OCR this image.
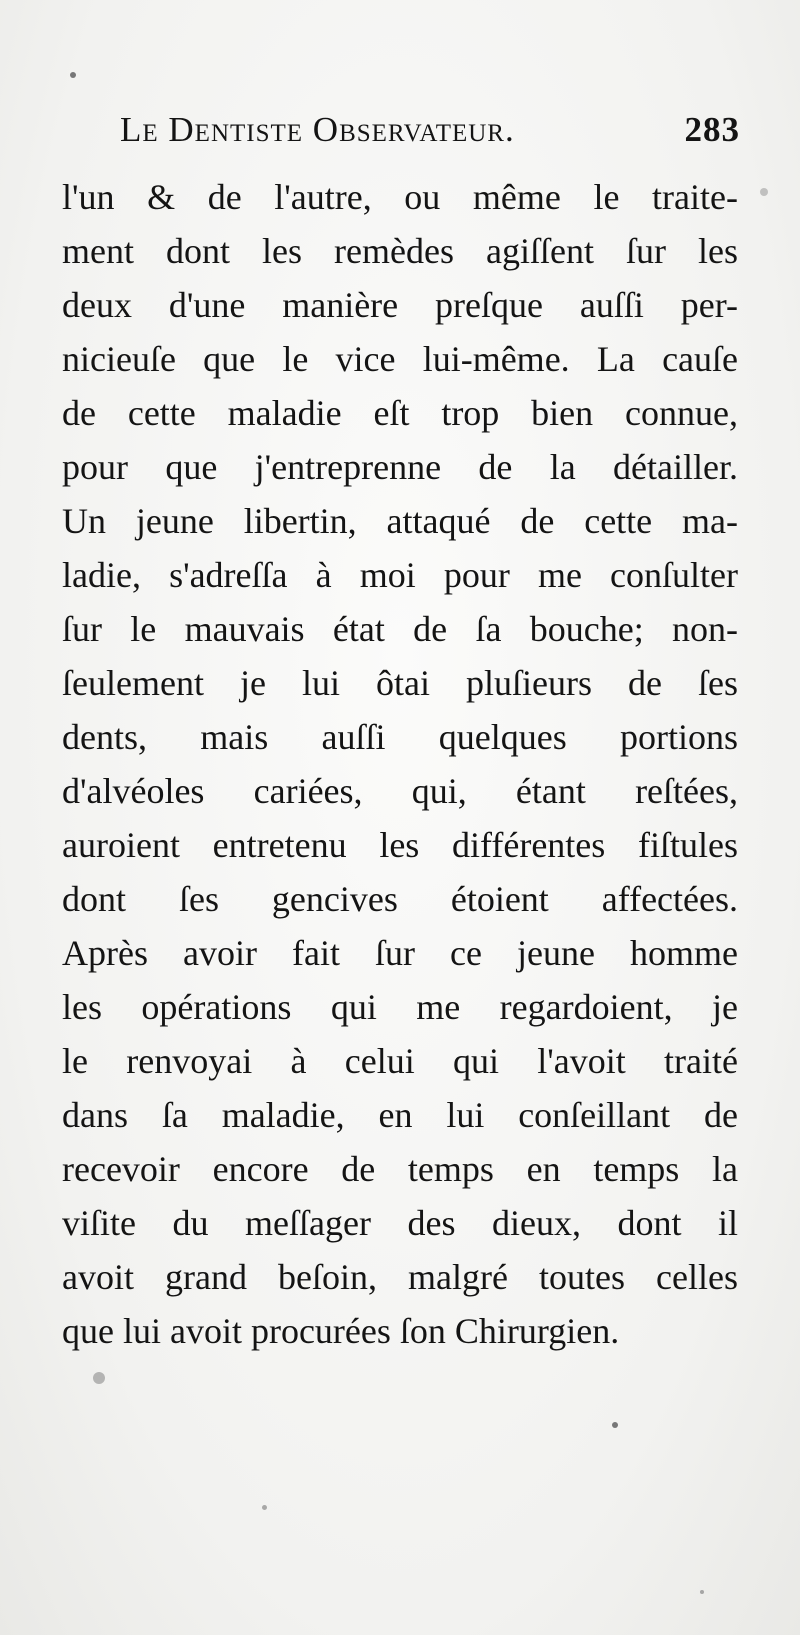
Le Dentiste Observateur.	283
l'un & de l'autre, ou même le traite-
ment dont les remèdes agiſſent ſur les
deux d'une manière preſque auſſi per-
nicieuſe que le vice lui-même. La cauſe
de cette maladie eſt trop bien connue,
pour que j'entreprenne de la détailler.
Un jeune libertin, attaqué de cette ma-
ladie, s'adreſſa à moi pour me conſulter
ſur le mauvais état de ſa bouche; non-
ſeulement je lui ôtai pluſieurs de ſes
dents, mais auſſi quelques portions
d'alvéoles cariées, qui, étant reſtées,
auroient entretenu les différentes fiſtules
dont ſes gencives étoient affectées.
Après avoir fait ſur ce jeune homme
les opérations qui me regardoient, je
le renvoyai à celui qui l'avoit traité
dans ſa maladie, en lui conſeillant de
recevoir encore de temps en temps la
viſite du meſſager des dieux, dont il
avoit grand beſoin, malgré toutes celles
que lui avoit procurées ſon Chirurgien.
